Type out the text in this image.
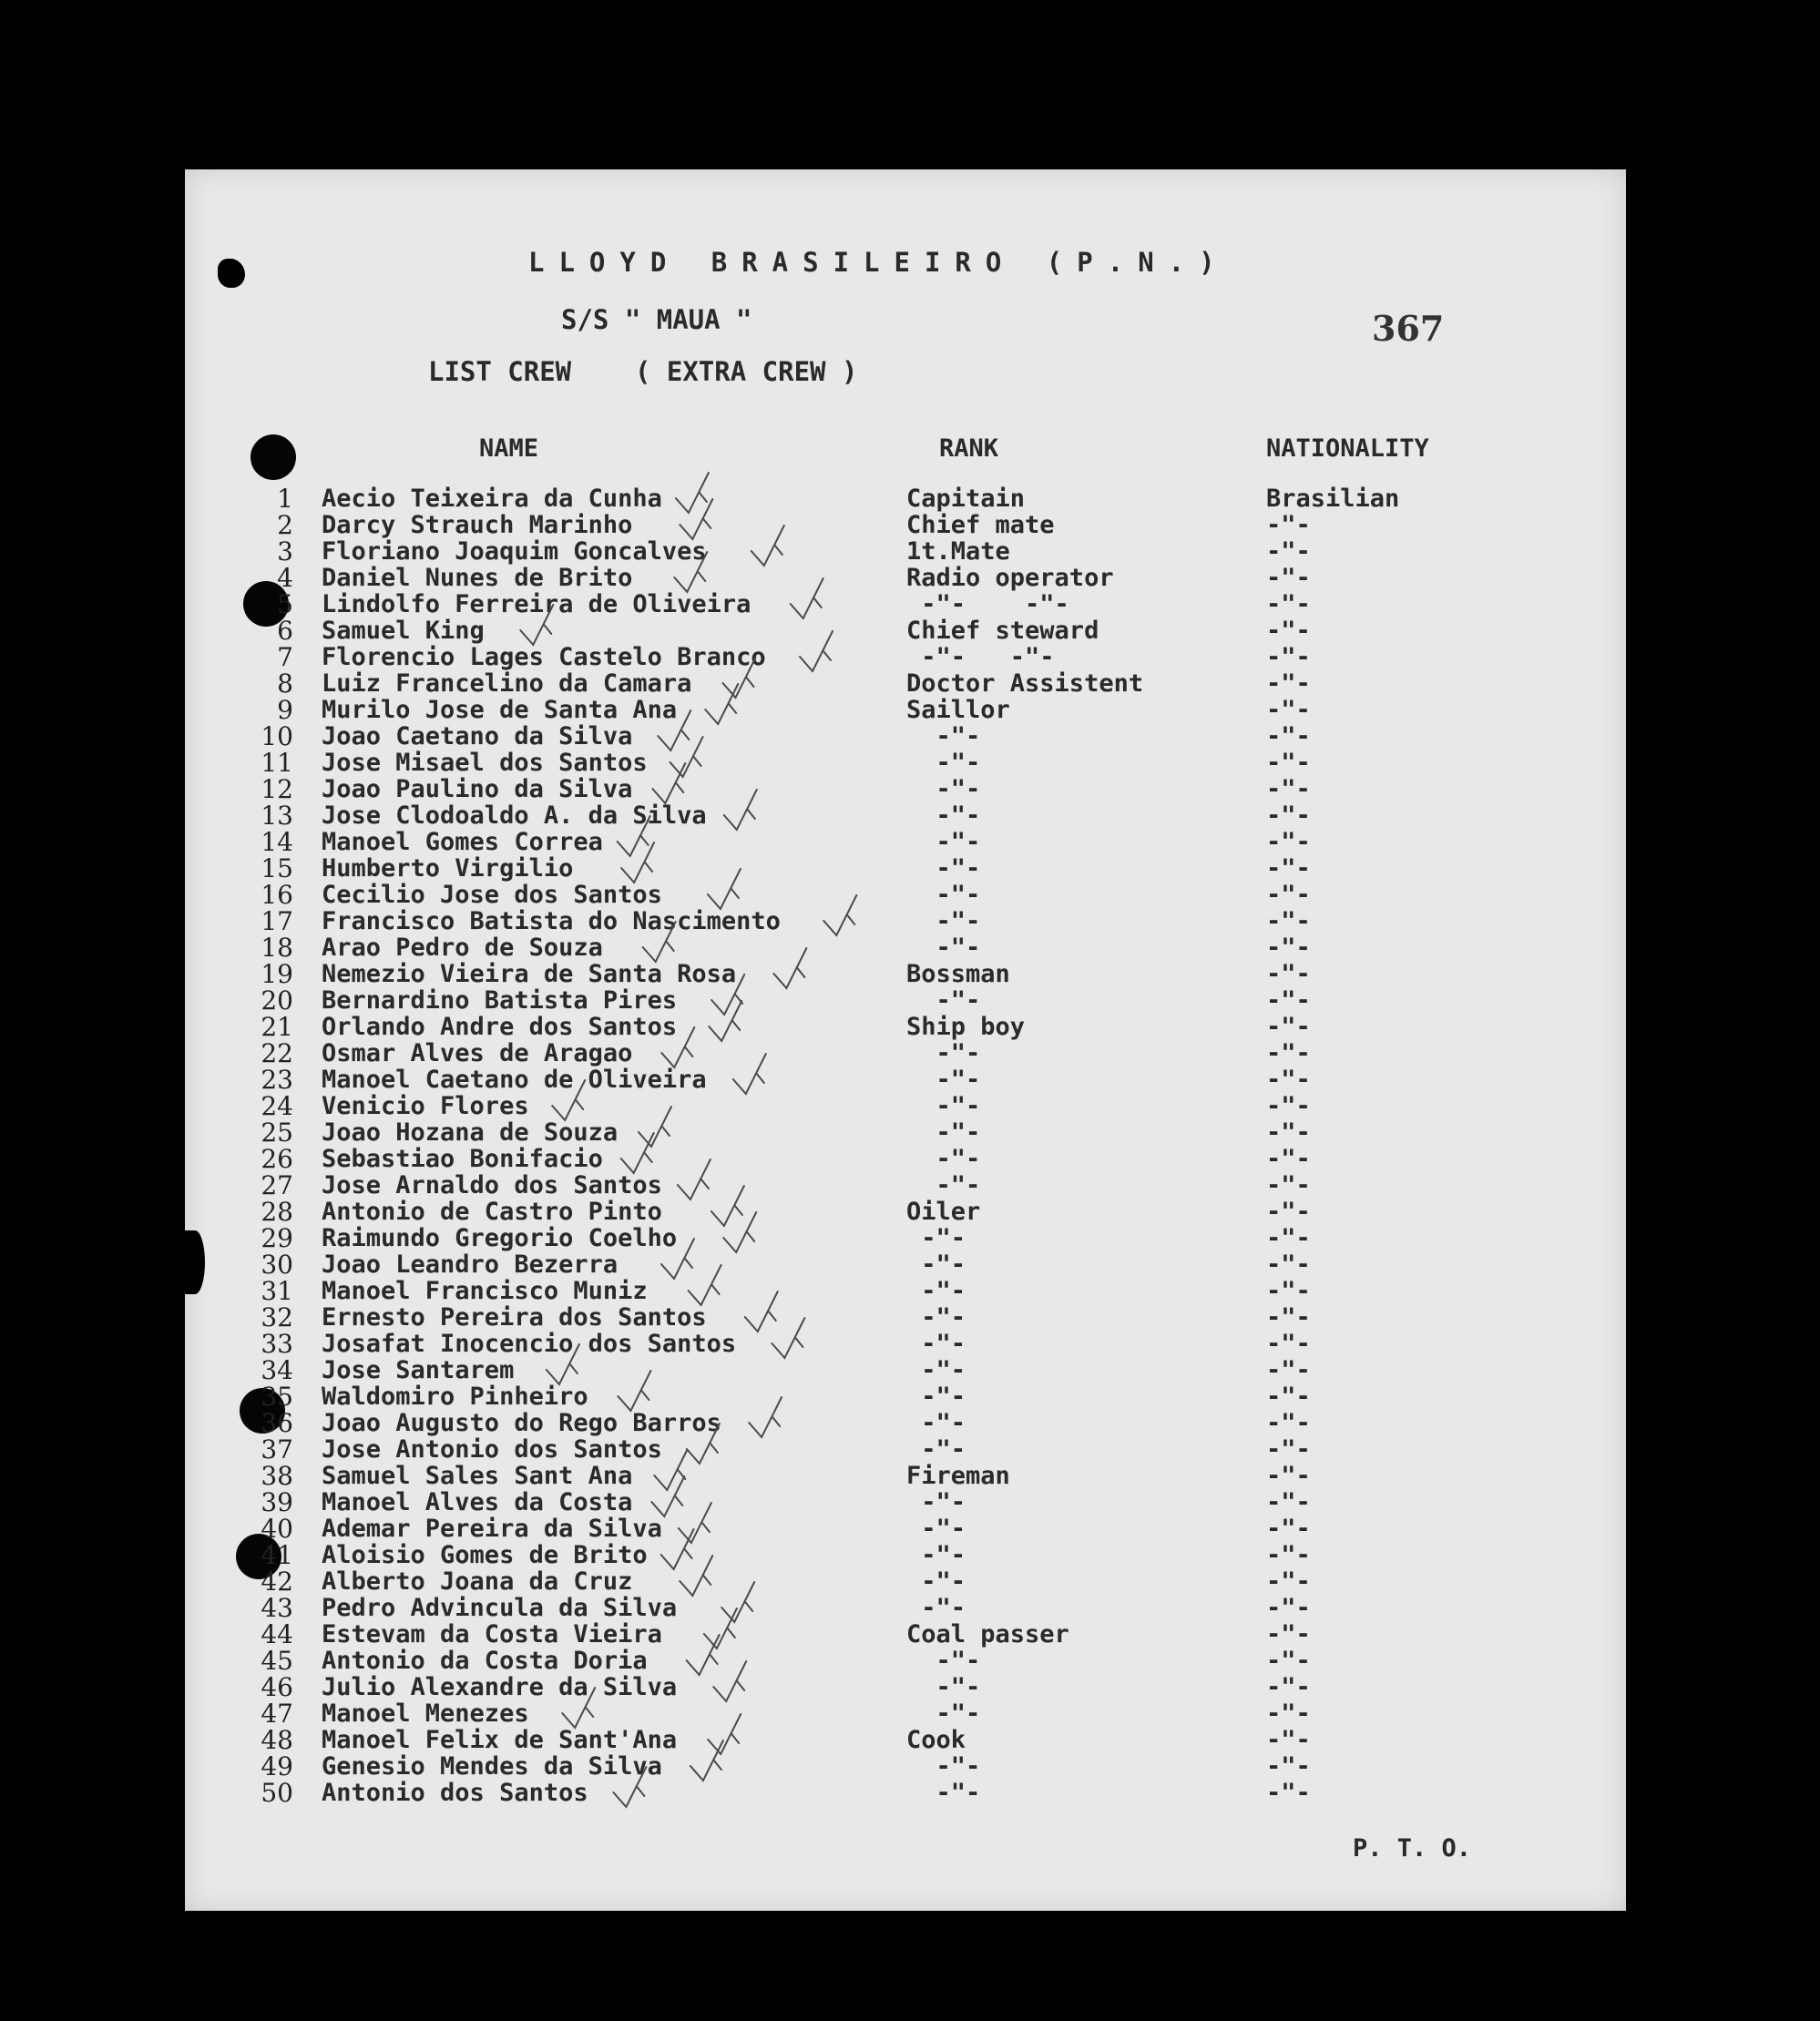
LLOYD BRASILEIRO (P.N.)
S/S " MAUA "	367
LIST CREW    ( EXTRA CREW )
NAME	RANK	NATIONALITY
1 Aecio Teixeira da Cunha	Capitain	Brasilian
2 Darcy Strauch Marinho	Chief mate	-"-
3 Floriano Joaquim Goncalves	1t.Mate	-"-
4 Daniel Nunes de Brito	Radio operator	-"-
5 Lindolfo Ferreira de Oliveira	-"-    -"-	-"-
6 Samuel King	Chief steward	-"-
7 Florencio Lages Castelo Branco	-"-   -"-	-"-
8 Luiz Francelino da Camara	Doctor Assistent	-"-
9 Murilo Jose de Santa Ana	Saillor	-"-
10 Joao Caetano da Silva	-"-	-"-
11 Jose Misael dos Santos	-"-	-"-
12 Joao Paulino da Silva	-"-	-"-
13 Jose Clodoaldo A. da Silva	-"-	-"-
14 Manoel Gomes Correa	-"-	-"-
15 Humberto Virgilio	-"-	-"-
16 Cecilio Jose dos Santos	-"-	-"-
17 Francisco Batista do Nascimento	-"-	-"-
18 Arao Pedro de Souza	-"-	-"-
19 Nemezio Vieira de Santa Rosa	Bossman	-"-
20 Bernardino Batista Pires	-"-	-"-
21 Orlando Andre dos Santos	Ship boy	-"-
22 Osmar Alves de Aragao	-"-	-"-
23 Manoel Caetano de Oliveira	-"-	-"-
24 Venicio Flores	-"-	-"-
25 Joao Hozana de Souza	-"-	-"-
26 Sebastiao Bonifacio	-"-	-"-
27 Jose Arnaldo dos Santos	-"-	-"-
28 Antonio de Castro Pinto	Oiler	-"-
29 Raimundo Gregorio Coelho	-"-	-"-
30 Joao Leandro Bezerra	-"-	-"-
31 Manoel Francisco Muniz	-"-	-"-
32 Ernesto Pereira dos Santos	-"-	-"-
33 Josafat Inocencio dos Santos	-"-	-"-
34 Jose Santarem	-"-	-"-
35 Waldomiro Pinheiro	-"-	-"-
36 Joao Augusto do Rego Barros	-"-	-"-
37 Jose Antonio dos Santos	-"-	-"-
38 Samuel Sales Sant Ana	Fireman	-"-
39 Manoel Alves da Costa	-"-	-"-
40 Ademar Pereira da Silva	-"-	-"-
41 Aloisio Gomes de Brito	-"-	-"-
42 Alberto Joana da Cruz	-"-	-"-
43 Pedro Advincula da Silva	-"-	-"-
44 Estevam da Costa Vieira	Coal passer	-"-
45 Antonio da Costa Doria	-"-	-"-
46 Julio Alexandre da Silva	-"-	-"-
47 Manoel Menezes	-"-	-"-
48 Manoel Felix de Sant'Ana	Cook	-"-
49 Genesio Mendes da Silva	-"-	-"-
50 Antonio dos Santos	-"-	-"-
P. T. O.
